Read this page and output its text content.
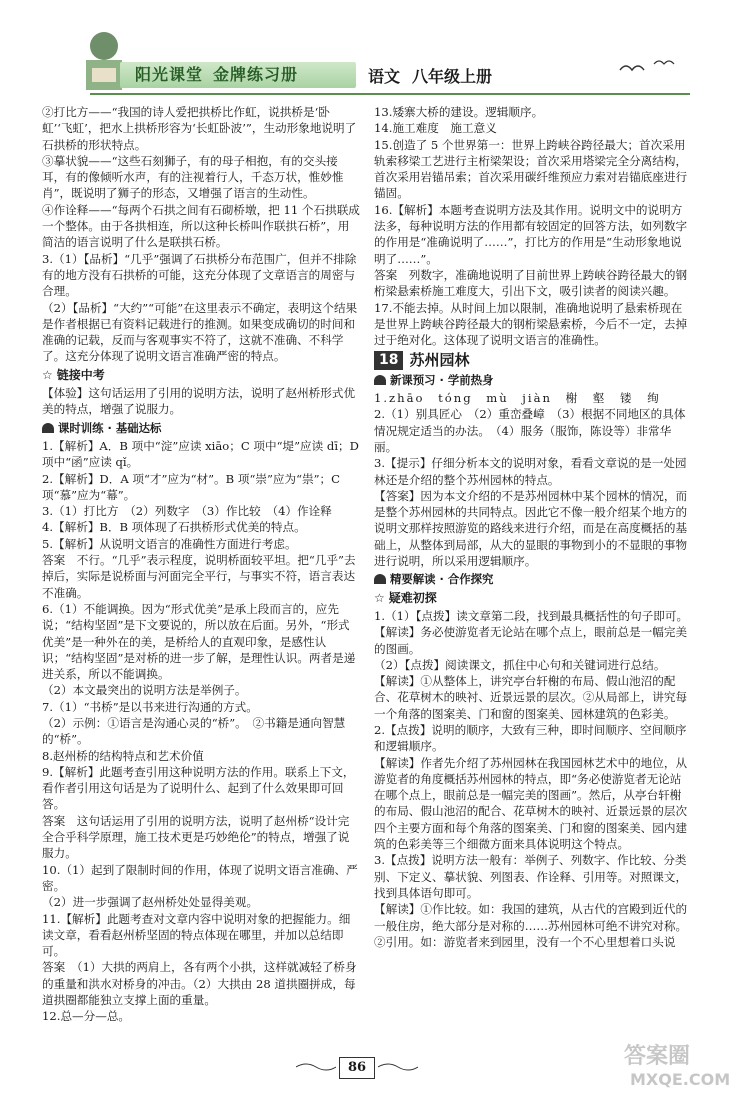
阳光课堂 金牌练习册	语文 八年级上册

②打比方——“我国的诗人爱把拱桥比作虹，说拱桥是‘卧虹’‘飞虹’，把水上拱桥形容为‘长虹卧波’”，生动形象地说明了石拱桥的形状特点。

③摹状貌——“这些石刻狮子，有的母子相抱，有的交头接耳，有的像倾听水声，有的注视着行人，千态万状，惟妙惟肖”，既说明了狮子的形态，又增强了语言的生动性。

④作诠释——“每两个石拱之间有石砌桥墩，把 11 个石拱联成一个整体。由于各拱相连，所以这种长桥叫作联拱石桥”，用简洁的语言说明了什么是联拱石桥。

3.（1）【品析】“几乎”强调了石拱桥分布范围广，但并不排除有的地方没有石拱桥的可能，这充分体现了文章语言的周密与合理。

（2）【品析】“大约”“可能”在这里表示不确定，表明这个结果是作者根据已有资料记载进行的推测。如果变成确切的时间和准确的记载，反而与客观事实不符了，这就不准确、不科学了。这充分体现了说明文语言准确严密的特点。

☆ 链接中考

【体验】这句话运用了引用的说明方法，说明了赵州桥形式优美的特点，增强了说服力。

课时训练 · 基础达标

1.【解析】A．B 项中“淀”应读 xiāo；C 项中“堤”应读 dī；D 项中“函”应读 qǐ。

2.【解析】D．A 项“才”应为“材”。B 项“崇”应为“祟”；C 项“慕”应为“幕”。

3.（1）打比方　（2）列数字　（3）作比较　（4）作诠释

4.【解析】B．B 项体现了石拱桥形式优美的特点。

5.【解析】从说明文语言的准确性方面进行考虑。

答案　不行。“几乎”表示程度，说明桥面较平坦。把“几乎”去掉后，实际是说桥面与河面完全平行，与事实不符，语言表达不准确。

6.（1）不能调换。因为“形式优美”是承上段而言的，应先说；“结构坚固”是下文要说的，所以放在后面。另外，“形式优美”是一种外在的美，是桥给人的直观印象，是感性认识；“结构坚固”是对桥的进一步了解，是理性认识。两者是递进关系，所以不能调换。

（2）本文最突出的说明方法是举例子。

7.（1）“书桥”是以书来进行沟通的方式。

（2）示例：①语言是沟通心灵的“桥”。　②书籍是通向智慧的“桥”。

8.赵州桥的结构特点和艺术价值

9.【解析】此题考查引用这种说明方法的作用。联系上下文，看作者引用这句话是为了说明什么、起到了什么效果即可回答。

答案　这句话运用了引用的说明方法，说明了赵州桥“设计完全合乎科学原理，施工技术更是巧妙绝伦”的特点，增强了说服力。

10.（1）起到了限制时间的作用，体现了说明文语言准确、严密。

（2）进一步强调了赵州桥处处显得美观。

11.【解析】此题考查对文章内容中说明对象的把握能力。细读文章，看看赵州桥坚固的特点体现在哪里，并加以总结即可。

答案　（1）大拱的两肩上，各有两个小拱，这样就减轻了桥身的重量和洪水对桥身的冲击。（2）大拱由 28 道拱圈拼成，每道拱圈都能独立支撑上面的重量。

12.总—分—总。

13.矮寨大桥的建设。逻辑顺序。

14.施工难度　施工意义

15.创造了 5 个世界第一：世界上跨峡谷跨径最大；首次采用轨索移梁工艺进行主桁梁架设；首次采用塔梁完全分离结构，首次采用岩锚吊索；首次采用碳纤维预应力索对岩锚底座进行锚固。

16.【解析】本题考查说明方法及其作用。说明文中的说明方法多，每种说明方法的作用都有较固定的回答方法，如列数字的作用是“准确说明了……”，打比方的作用是“生动形象地说明了……”。

答案　列数字，准确地说明了目前世界上跨峡谷跨径最大的钢桁梁悬索桥施工难度大，引出下文，吸引读者的阅读兴趣。

17.不能去掉。从时间上加以限制，准确地说明了悬索桥现在是世界上跨峡谷跨径最大的钢桁梁悬索桥，今后不一定，去掉过于绝对化。这体现了说明文语言的准确性。

18 苏州园林
新课预习 · 学前热身

1.zhāo　tóng　mù　jiàn　榭　壑　镂　绚

2.（1）别具匠心　（2）重峦叠嶂　（3）根据不同地区的具体情况规定适当的办法。　（4）服务（服饰，陈设等）非常华丽。

3.【提示】仔细分析本文的说明对象，看看文章说的是一处园林还是介绍的整个苏州园林的特点。

【答案】因为本文介绍的不是苏州园林中某个园林的情况，而是整个苏州园林的共同特点。因此它不像一般介绍某个地方的说明文那样按照游览的路线来进行介绍，而是在高度概括的基础上，从整体到局部，从大的显眼的事物到小的不显眼的事物进行说明，所以采用逻辑顺序。

精要解读 · 合作探究
☆ 疑难初探

1.（1）【点拨】读文章第二段，找到最具概括性的句子即可。

【解读】务必使游览者无论站在哪个点上，眼前总是一幅完美的图画。

（2）【点拨】阅读课文，抓住中心句和关键词进行总结。

【解读】①从整体上，讲究亭台轩榭的布局、假山池沼的配合、花草树木的映衬、近景远景的层次。②从局部上，讲究每一个角落的图案美、门和窗的图案美、园林建筑的色彩美。

2.【点拨】说明的顺序，大致有三种，即时间顺序、空间顺序和逻辑顺序。

【解读】作者先介绍了苏州园林在我国园林艺术中的地位，从游览者的角度概括苏州园林的特点，即“务必使游览者无论站在哪个点上，眼前总是一幅完美的图画”。然后，从亭台轩榭的布局、假山池沼的配合、花草树木的映衬、近景远景的层次四个主要方面和每个角落的图案美、门和窗的图案美、园内建筑的色彩美等三个细微方面来具体说明这个特点。

3.【点拨】说明方法一般有：举例子、列数字、作比较、分类别、下定义、摹状貌、列图表、作诠释、引用等。对照课文，找到具体语句即可。

【解读】①作比较。如：我国的建筑，从古代的宫殿到近代的一般住房，绝大部分是对称的……苏州园林可绝不讲究对称。

②引用。如：游览者来到园里，没有一个不心里想着口头说

86	答案圈
MXQE.COM
